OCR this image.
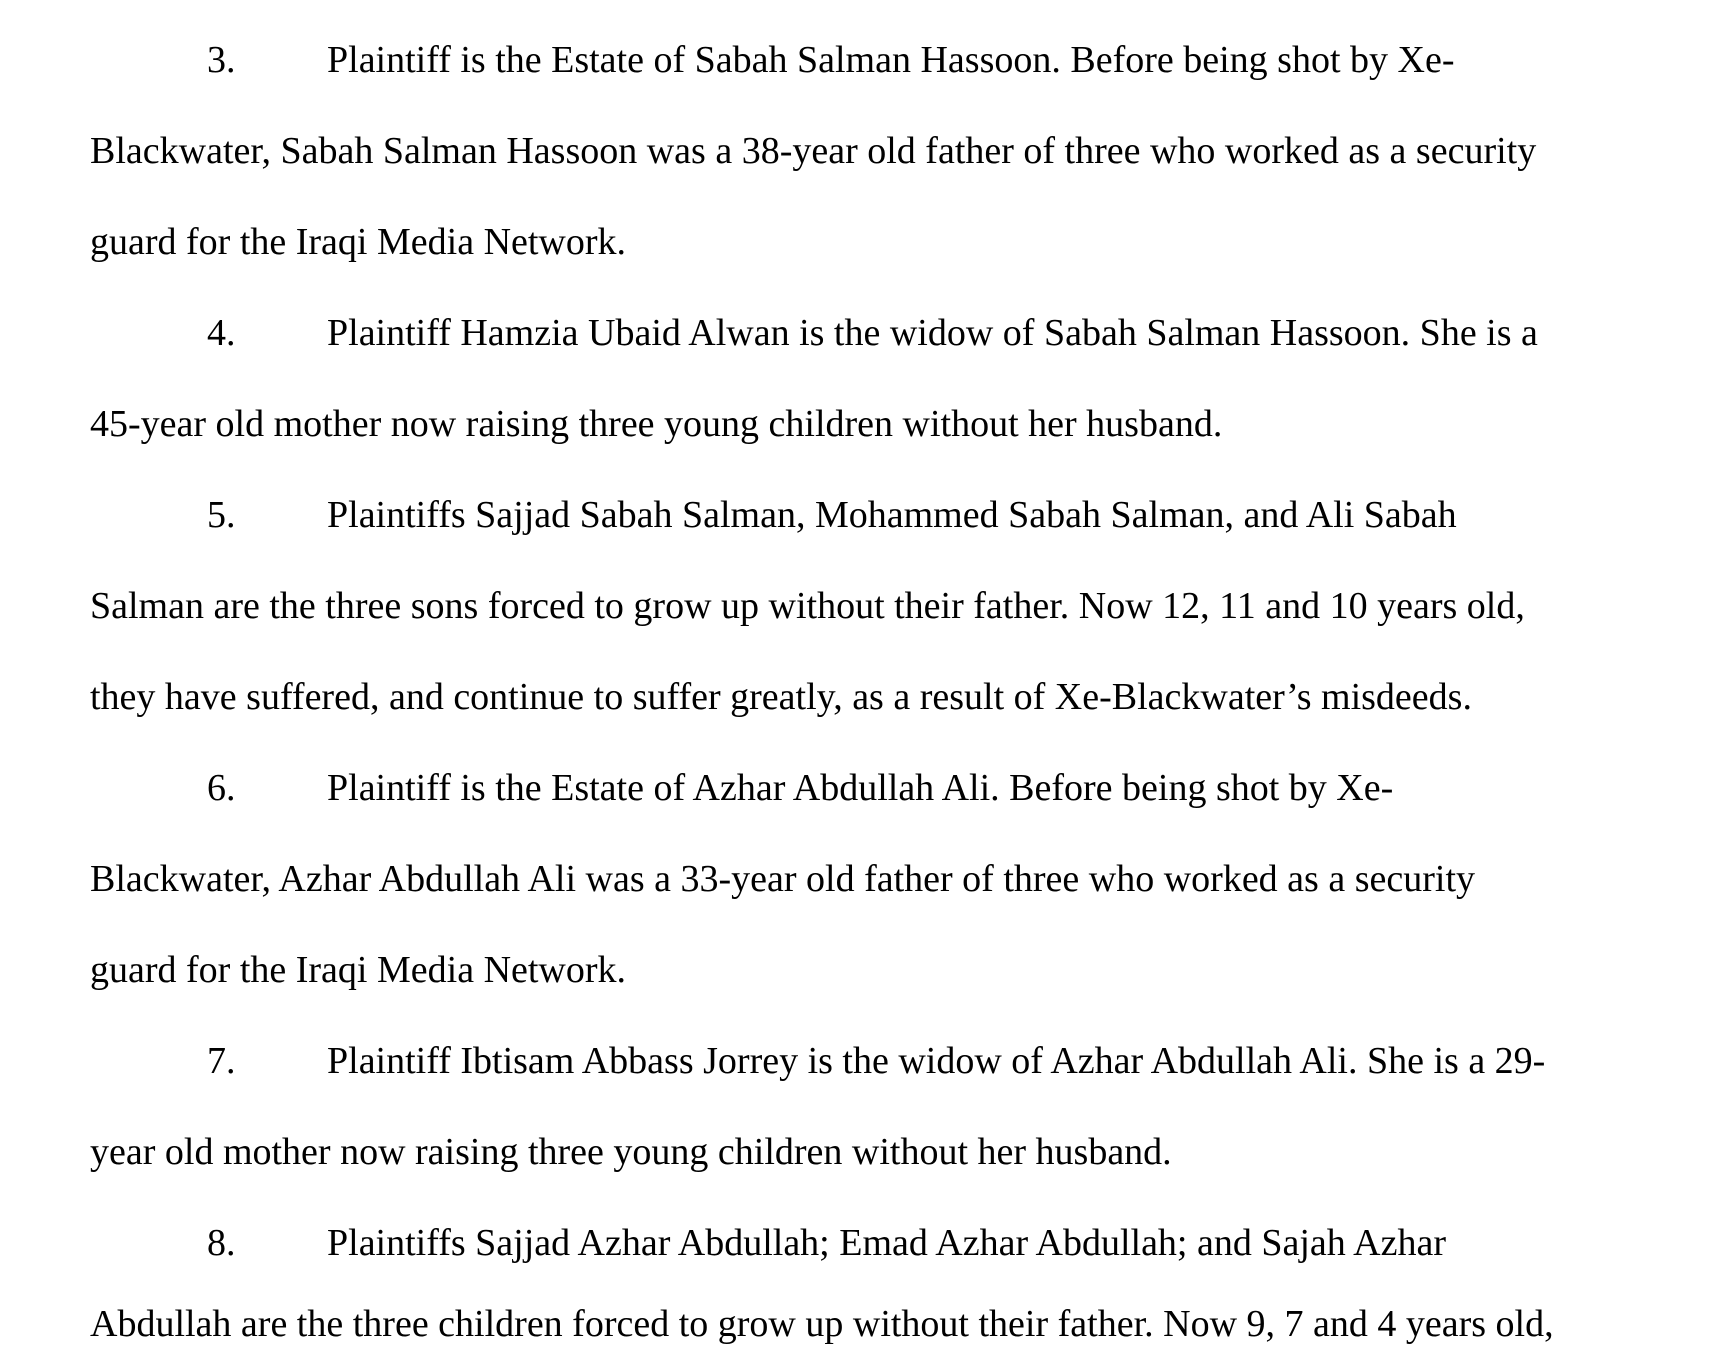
3. Plaintiff is the Estate of Sabah Salman Hassoon. Before being shot by Xe-
Blackwater, Sabah Salman Hassoon was a 38-year old father of three who worked as a security
guard for the Iraqi Media Network.
4. Plaintiff Hamzia Ubaid Alwan is the widow of Sabah Salman Hassoon. She is a
45-year old mother now raising three young children without her husband.
5. Plaintiffs Sajjad Sabah Salman, Mohammed Sabah Salman, and Ali Sabah
Salman are the three sons forced to grow up without their father. Now 12, 11 and 10 years old,
they have suffered, and continue to suffer greatly, as a result of Xe-Blackwater’s misdeeds.
6. Plaintiff is the Estate of Azhar Abdullah Ali. Before being shot by Xe-
Blackwater, Azhar Abdullah Ali was a 33-year old father of three who worked as a security
guard for the Iraqi Media Network.
7. Plaintiff Ibtisam Abbass Jorrey is the widow of Azhar Abdullah Ali. She is a 29-
year old mother now raising three young children without her husband.
8. Plaintiffs Sajjad Azhar Abdullah; Emad Azhar Abdullah; and Sajah Azhar
Abdullah are the three children forced to grow up without their father. Now 9, 7 and 4 years old,
